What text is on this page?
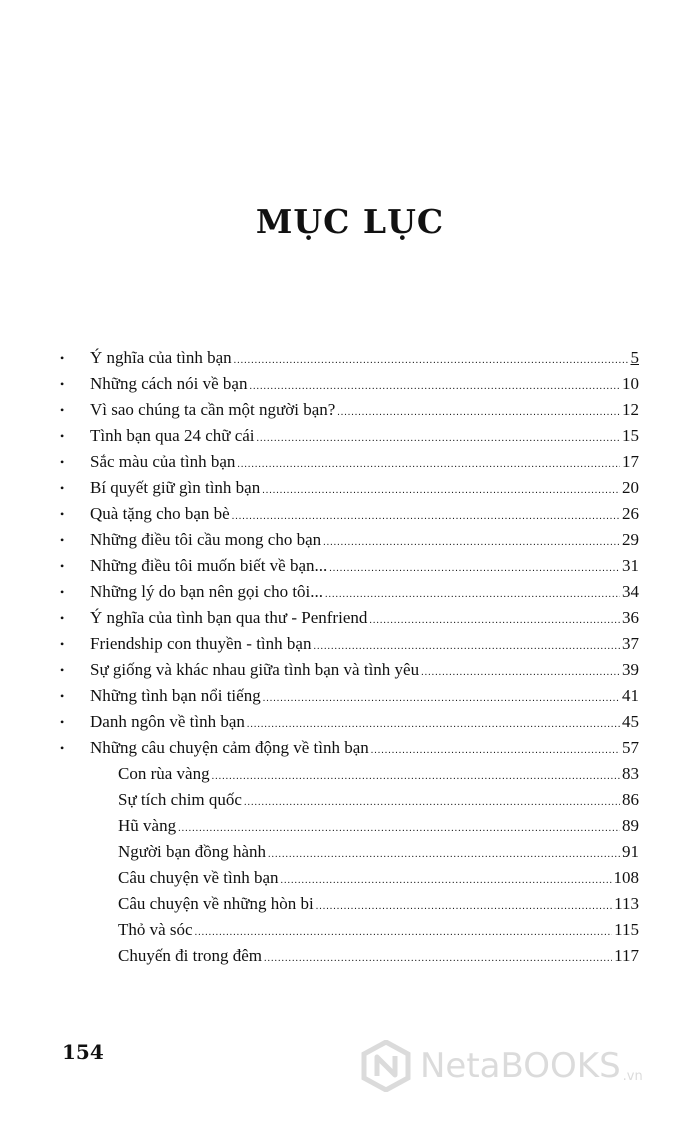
MỤC LỤC
• Ý nghĩa của tình bạn .....	5
• Những cách nói về bạn .....	10
• Vì sao chúng ta cần một người bạn? .....	12
• Tình bạn qua 24 chữ cái .....	15
• Sắc màu của tình bạn .....	17
• Bí quyết giữ gìn tình bạn .....	20
• Quà tặng cho bạn bè .....	26
• Những điều tôi cầu mong cho bạn .....	29
• Những điều tôi muốn biết về bạn... .....	31
• Những lý do bạn nên gọi cho tôi... .....	34
• Ý nghĩa của tình bạn qua thư - Penfriend .....	36
• Friendship con thuyền - tình bạn .....	37
• Sự giống và khác nhau giữa tình bạn và tình yêu .....	39
• Những tình bạn nổi tiếng .....	41
• Danh ngôn về tình bạn .....	45
• Những câu chuyện cảm động về tình bạn .....	57
Con rùa vàng .....	83
Sự tích chim quốc .....	86
Hũ vàng .....	89
Người bạn đồng hành .....	91
Câu chuyện về tình bạn .....	108
Câu chuyện về những hòn bi .....	113
Thỏ và sóc .....	115
Chuyến đi trong đêm .....	117

154	NetaBOOKS .vn
